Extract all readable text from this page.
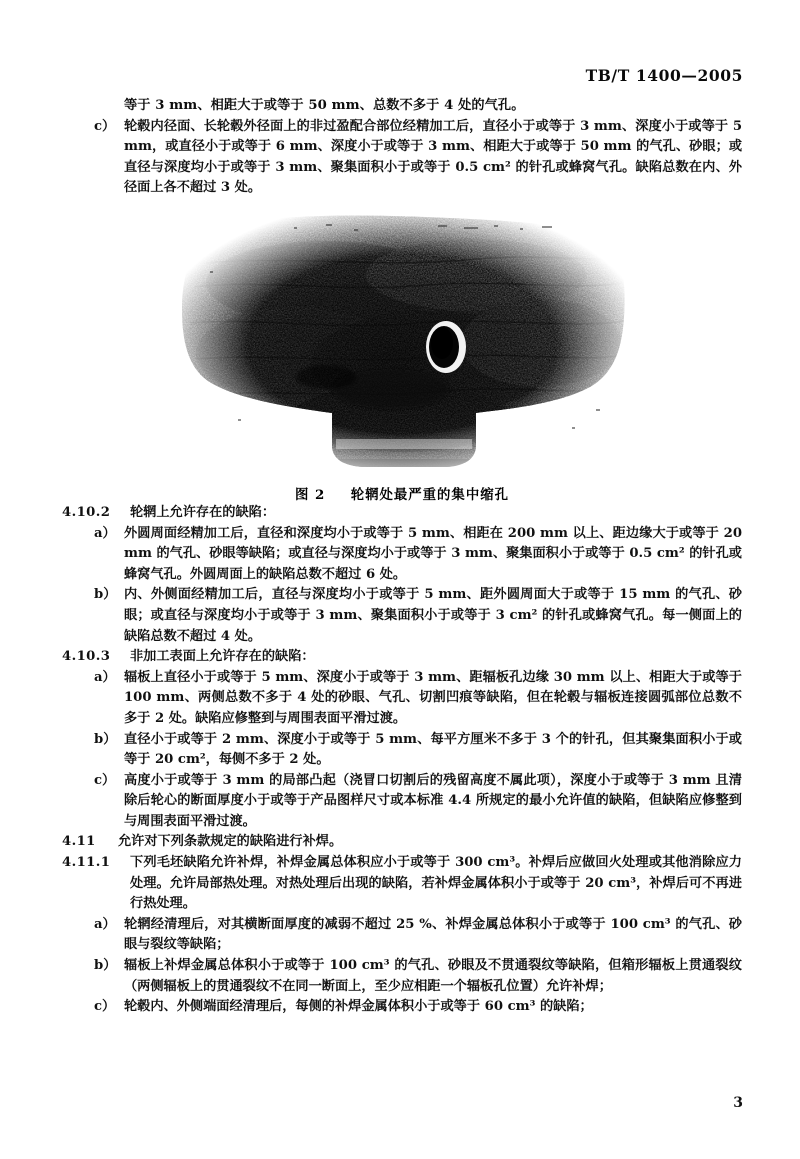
TB/T 1400—2005

等于 3 mm、相距大于或等于 50 mm、总数不多于 4 处的气孔。

c） 轮毂内径面、长轮毂外径面上的非过盈配合部位经精加工后，直径小于或等于 3 mm、深度小于或等于 5 mm，或直径小于或等于 6 mm、深度小于或等于 3 mm、相距大于或等于 50 mm 的气孔、砂眼；或直径与深度均小于或等于 3 mm、聚集面积小于或等于 0.5 cm² 的针孔或蜂窝气孔。缺陷总数在内、外径面上各不超过 3 处。
图 2 轮辋处最严重的集中缩孔
4.10.2	轮辋上允许存在的缺陷：
a） 外圆周面经精加工后，直径和深度均小于或等于 5 mm、相距在 200 mm 以上、距边缘大于或等于 20 mm 的气孔、砂眼等缺陷；或直径与深度均小于或等于 3 mm、聚集面积小于或等于 0.5 cm² 的针孔或蜂窝气孔。外圆周面上的缺陷总数不超过 6 处。
b） 内、外侧面经精加工后，直径与深度均小于或等于 5 mm、距外圆周面大于或等于 15 mm 的气孔、砂眼；或直径与深度均小于或等于 3 mm、聚集面积小于或等于 3 cm² 的针孔或蜂窝气孔。每一侧面上的缺陷总数不超过 4 处。
4.10.3	非加工表面上允许存在的缺陷：
a） 辐板上直径小于或等于 5 mm、深度小于或等于 3 mm、距辐板孔边缘 30 mm 以上、相距大于或等于 100 mm、两侧总数不多于 4 处的砂眼、气孔、切割凹痕等缺陷，但在轮毂与辐板连接圆弧部位总数不多于 2 处。缺陷应修整到与周围表面平滑过渡。
b） 直径小于或等于 2 mm、深度小于或等于 5 mm、每平方厘米不多于 3 个的针孔，但其聚集面积小于或等于 20 cm²，每侧不多于 2 处。
c） 高度小于或等于 3 mm 的局部凸起（浇冒口切割后的残留高度不属此项），深度小于或等于 3 mm 且清除后轮心的断面厚度小于或等于产品图样尺寸或本标准 4.4 所规定的最小允许值的缺陷，但缺陷应修整到与周围表面平滑过渡。
4.11	允许对下列条款规定的缺陷进行补焊。
4.11.1	下列毛坯缺陷允许补焊，补焊金属总体积应小于或等于 300 cm³。补焊后应做回火处理或其他消除应力处理。允许局部热处理。对热处理后出现的缺陷，若补焊金属体积小于或等于 20 cm³，补焊后可不再进行热处理。
a） 轮辋经清理后，对其横断面厚度的减弱不超过 25 %、补焊金属总体积小于或等于 100 cm³ 的气孔、砂眼与裂纹等缺陷；
b） 辐板上补焊金属总体积小于或等于 100 cm³ 的气孔、砂眼及不贯通裂纹等缺陷，但箱形辐板上贯通裂纹（两侧辐板上的贯通裂纹不在同一断面上，至少应相距一个辐板孔位置）允许补焊；
c） 轮毂内、外侧端面经清理后，每侧的补焊金属体积小于或等于 60 cm³ 的缺陷；
3
